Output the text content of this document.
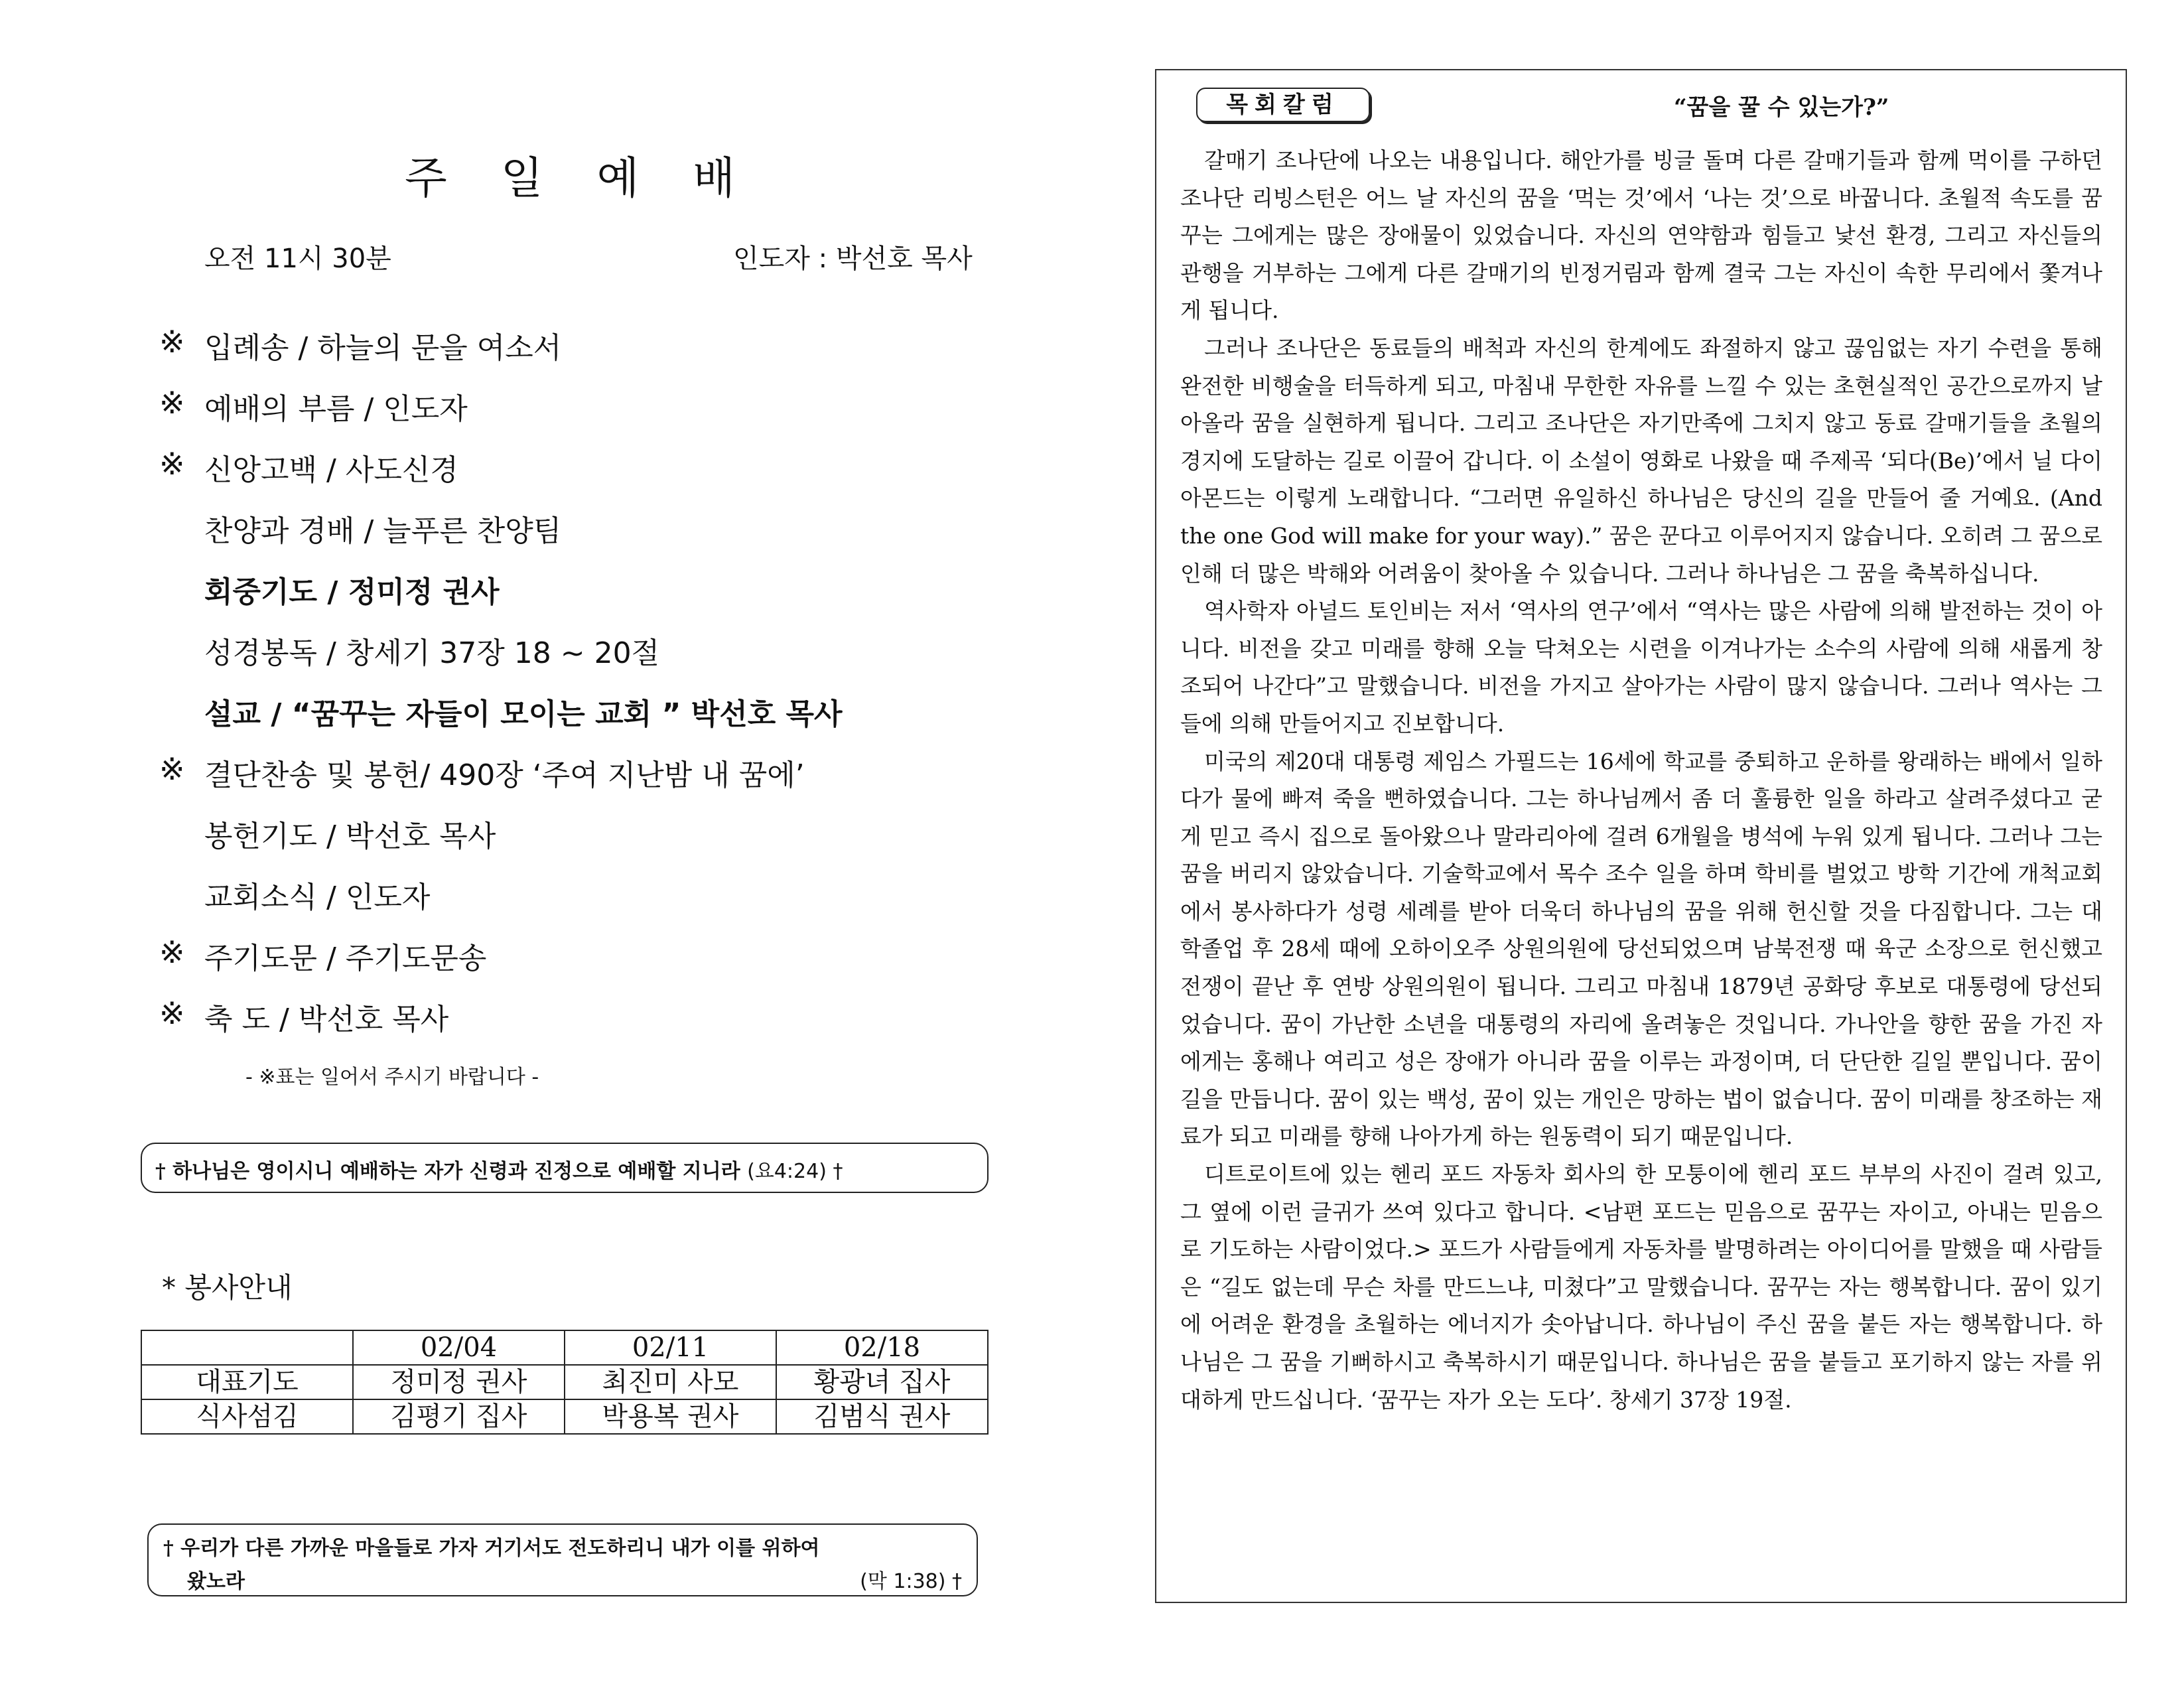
주 일 예 배
오전 11시 30분	인도자 : 박선호 목사
※ 입례송 / 하늘의 문을 여소서
※ 예배의 부름 / 인도자
※ 신앙고백 / 사도신경
찬양과 경배 / 늘푸른 찬양팀
회중기도 / 정미정 권사
성경봉독 / 창세기 37장 18 ~ 20절
설교 / “꿈꾸는 자들이 모이는 교회 ” 박선호 목사
※ 결단찬송 및 봉헌/ 490장 ‘주여 지난밤 내 꿈에’
봉헌기도 / 박선호 목사
교회소식 / 인도자
※ 주기도문 / 주기도문송
※ 축 도 / 박선호 목사
- ※표는 일어서 주시기 바랍니다 -
† 하나님은 영이시니 예배하는 자가 신령과 진정으로 예배할 지니라 (요4:24) †
* 봉사안내
	02/04	02/11	02/18
대표기도	정미정 권사	최진미 사모	황광녀 집사
식사섬김	김평기 집사	박용복 권사	김범식 권사
† 우리가 다른 가까운 마을들로 가자 거기서도 전도하리니 내가 이를 위하여
왔노라	(막 1:38) †
목회칼럼	“꿈을 꿀 수 있는가?”

갈매기 조나단에 나오는 내용입니다. 해안가를 빙글 돌며 다른 갈매기들과 함께 먹이를 구하던 조나단 리빙스턴은 어느 날 자신의 꿈을 ‘먹는 것’에서 ‘나는 것’으로 바꿉니다. 초월적 속도를 꿈꾸는 그에게는 많은 장애물이 있었습니다. 자신의 연약함과 힘들고 낯선 환경, 그리고 자신들의 관행을 거부하는 그에게 다른 갈매기의 빈정거림과 함께 결국 그는 자신이 속한 무리에서 쫓겨나게 됩니다.

그러나 조나단은 동료들의 배척과 자신의 한계에도 좌절하지 않고 끊임없는 자기 수련을 통해 완전한 비행술을 터득하게 되고, 마침내 무한한 자유를 느낄 수 있는 초현실적인 공간으로까지 날아올라 꿈을 실현하게 됩니다. 그리고 조나단은 자기만족에 그치지 않고 동료 갈매기들을 초월의 경지에 도달하는 길로 이끌어 갑니다. 이 소설이 영화로 나왔을 때 주제곡 ‘되다(Be)’에서 닐 다이아몬드는 이렇게 노래합니다. “그러면 유일하신 하나님은 당신의 길을 만들어 줄 거예요. (And the one God will make for your way).” 꿈은 꾼다고 이루어지지 않습니다. 오히려 그 꿈으로 인해 더 많은 박해와 어려움이 찾아올 수 있습니다. 그러나 하나님은 그 꿈을 축복하십니다.

역사학자 아널드 토인비는 저서 ‘역사의 연구’에서 “역사는 많은 사람에 의해 발전하는 것이 아니다. 비전을 갖고 미래를 향해 오늘 닥쳐오는 시련을 이겨나가는 소수의 사람에 의해 새롭게 창조되어 나간다”고 말했습니다. 비전을 가지고 살아가는 사람이 많지 않습니다. 그러나 역사는 그들에 의해 만들어지고 진보합니다.

미국의 제20대 대통령 제임스 가필드는 16세에 학교를 중퇴하고 운하를 왕래하는 배에서 일하다가 물에 빠져 죽을 뻔하였습니다. 그는 하나님께서 좀 더 훌륭한 일을 하라고 살려주셨다고 굳게 믿고 즉시 집으로 돌아왔으나 말라리아에 걸려 6개월을 병석에 누워 있게 됩니다. 그러나 그는 꿈을 버리지 않았습니다. 기술학교에서 목수 조수 일을 하며 학비를 벌었고 방학 기간에 개척교회에서 봉사하다가 성령 세례를 받아 더욱더 하나님의 꿈을 위해 헌신할 것을 다짐합니다. 그는 대학졸업 후 28세 때에 오하이오주 상원의원에 당선되었으며 남북전쟁 때 육군 소장으로 헌신했고 전쟁이 끝난 후 연방 상원의원이 됩니다. 그리고 마침내 1879년 공화당 후보로 대통령에 당선되었습니다. 꿈이 가난한 소년을 대통령의 자리에 올려놓은 것입니다. 가나안을 향한 꿈을 가진 자에게는 홍해나 여리고 성은 장애가 아니라 꿈을 이루는 과정이며, 더 단단한 길일 뿐입니다. 꿈이 길을 만듭니다. 꿈이 있는 백성, 꿈이 있는 개인은 망하는 법이 없습니다. 꿈이 미래를 창조하는 재료가 되고 미래를 향해 나아가게 하는 원동력이 되기 때문입니다.

디트로이트에 있는 헨리 포드 자동차 회사의 한 모퉁이에 헨리 포드 부부의 사진이 걸려 있고, 그 옆에 이런 글귀가 쓰여 있다고 합니다. <남편 포드는 믿음으로 꿈꾸는 자이고, 아내는 믿음으로 기도하는 사람이었다.> 포드가 사람들에게 자동차를 발명하려는 아이디어를 말했을 때 사람들은 “길도 없는데 무슨 차를 만드느냐, 미쳤다”고 말했습니다. 꿈꾸는 자는 행복합니다. 꿈이 있기에 어려운 환경을 초월하는 에너지가 솟아납니다. 하나님이 주신 꿈을 붙든 자는 행복합니다. 하나님은 그 꿈을 기뻐하시고 축복하시기 때문입니다. 하나님은 꿈을 붙들고 포기하지 않는 자를 위대하게 만드십니다. ‘꿈꾸는 자가 오는 도다’. 창세기 37장 19절.
